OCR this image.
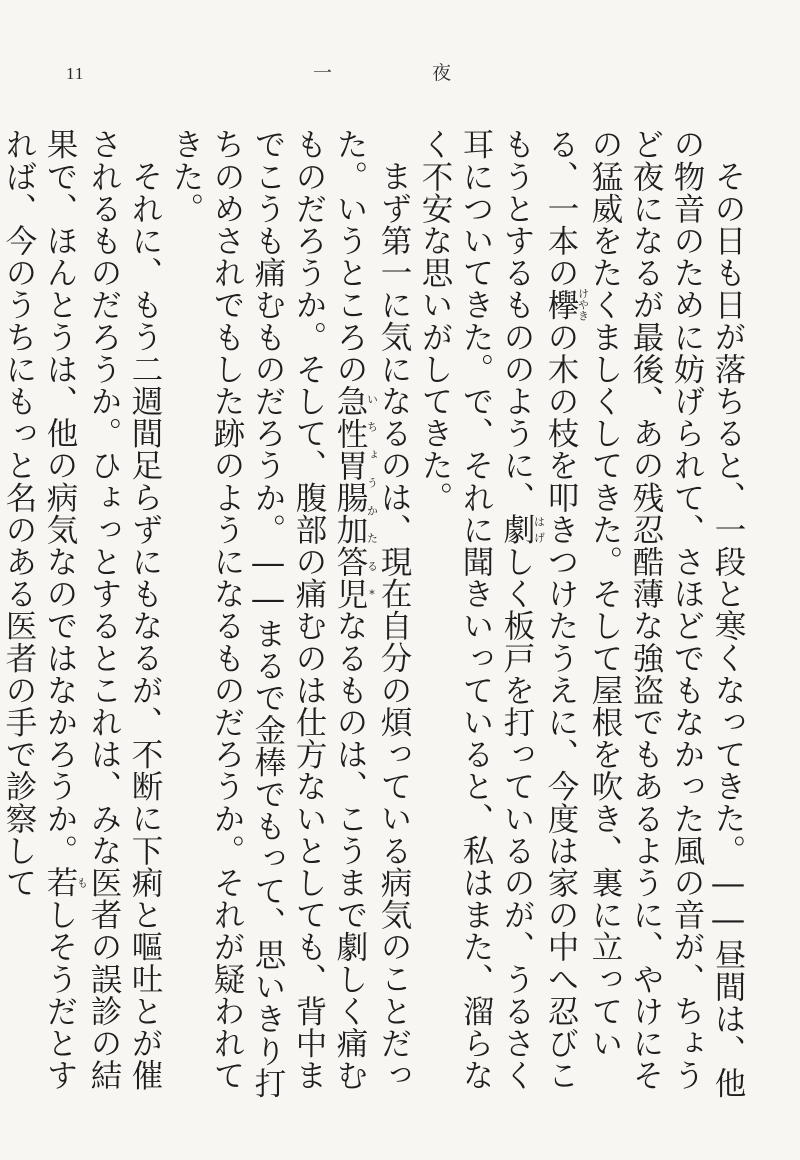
11	一	夜

その日も日が落ちると、一段と寒くなってきた。――昼間は、他の物音のために妨げられて、さほどでもなかった風の音が、ちょうど夜になるが最後、あの残忍酷薄な強盗でもあるように、やけにその猛威をたくましくしてきた。そして屋根を吹き、裏に立っている、一本の欅けやきの木の枝を叩きつけたうえに、今度は家の中へ忍びこもうとするもののように、劇はげしく板戸を打っているのが、うるさく耳についてきた。で、それに聞きいっていると、私はまた、溜らなく不安な思いがしてきた。

まず第一に気になるのは、現在自分の煩っている病気のことだった。いうところの急性胃腸加答児いちょうかたる*なるものは、こうまで劇しく痛むものだろうか。そして、腹部の痛むのは仕方ないとしても、背中までこうも痛むものだろうか。――まるで金棒でもって、思いきり打ちのめされでもした跡のようになるものだろうか。それが疑われてきた。

それに、もう二週間足らずにもなるが、不断に下痢と嘔吐とが催されるものだろうか。ひょっとするとこれは、みな医者の誤診の結果で、ほんとうは、他の病気なのではなかろうか。若もしそうだとすれば、今のうちにもっと名のある医者の手で診察して
